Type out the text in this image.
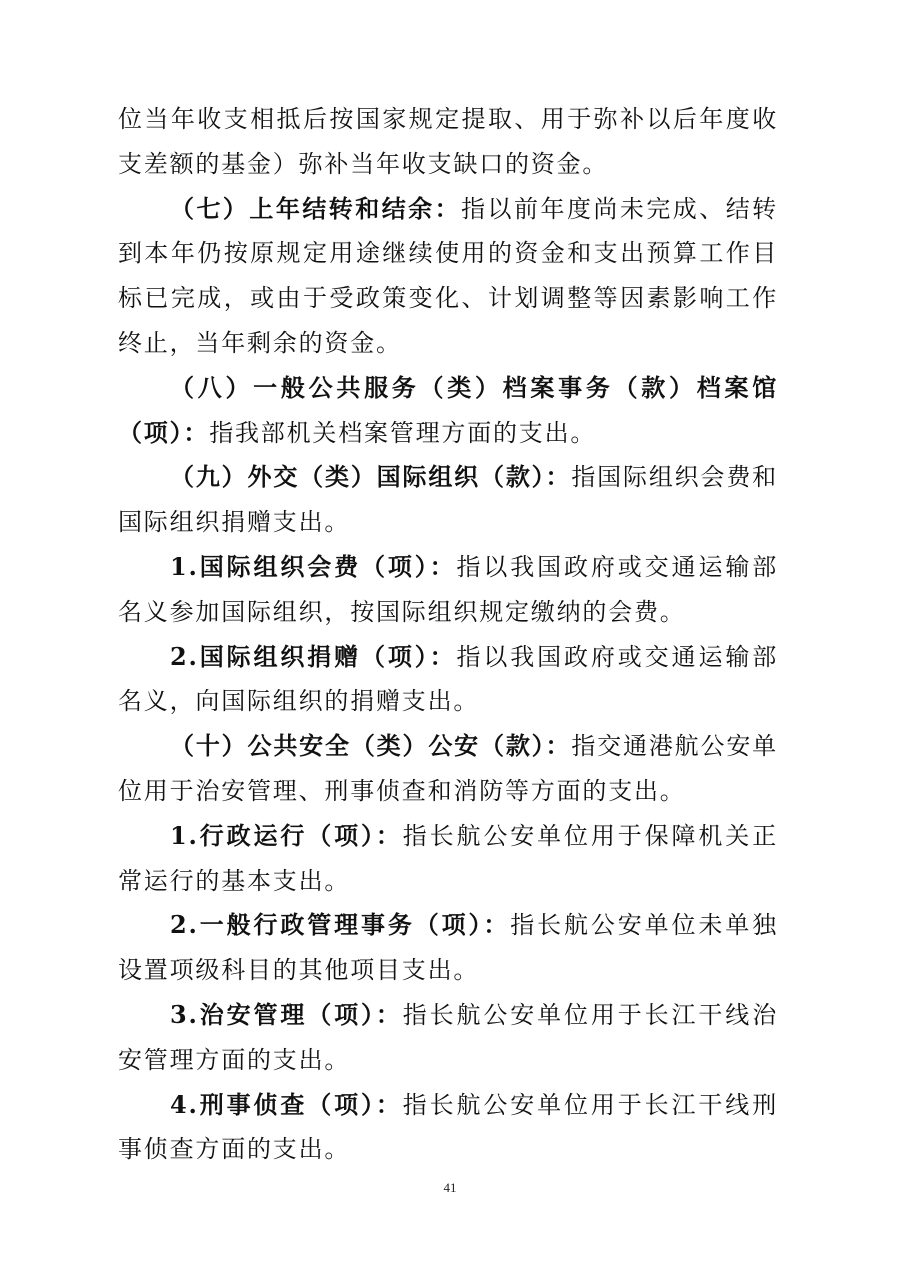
位当年收支相抵后按国家规定提取、用于弥补以后年度收支差额的基金）弥补当年收支缺口的资金。

（七）上年结转和结余：指以前年度尚未完成、结转到本年仍按原规定用途继续使用的资金和支出预算工作目标已完成，或由于受政策变化、计划调整等因素影响工作终止，当年剩余的资金。

（八）一般公共服务（类）档案事务（款）档案馆（项）：指我部机关档案管理方面的支出。

（九）外交（类）国际组织（款）：指国际组织会费和国际组织捐赠支出。

1.国际组织会费（项）：指以我国政府或交通运输部名义参加国际组织，按国际组织规定缴纳的会费。

2.国际组织捐赠（项）：指以我国政府或交通运输部名义，向国际组织的捐赠支出。

（十）公共安全（类）公安（款）：指交通港航公安单位用于治安管理、刑事侦查和消防等方面的支出。

1.行政运行（项）：指长航公安单位用于保障机关正常运行的基本支出。

2.一般行政管理事务（项）：指长航公安单位未单独设置项级科目的其他项目支出。

3.治安管理（项）：指长航公安单位用于长江干线治安管理方面的支出。

4.刑事侦查（项）：指长航公安单位用于长江干线刑事侦查方面的支出。

41
